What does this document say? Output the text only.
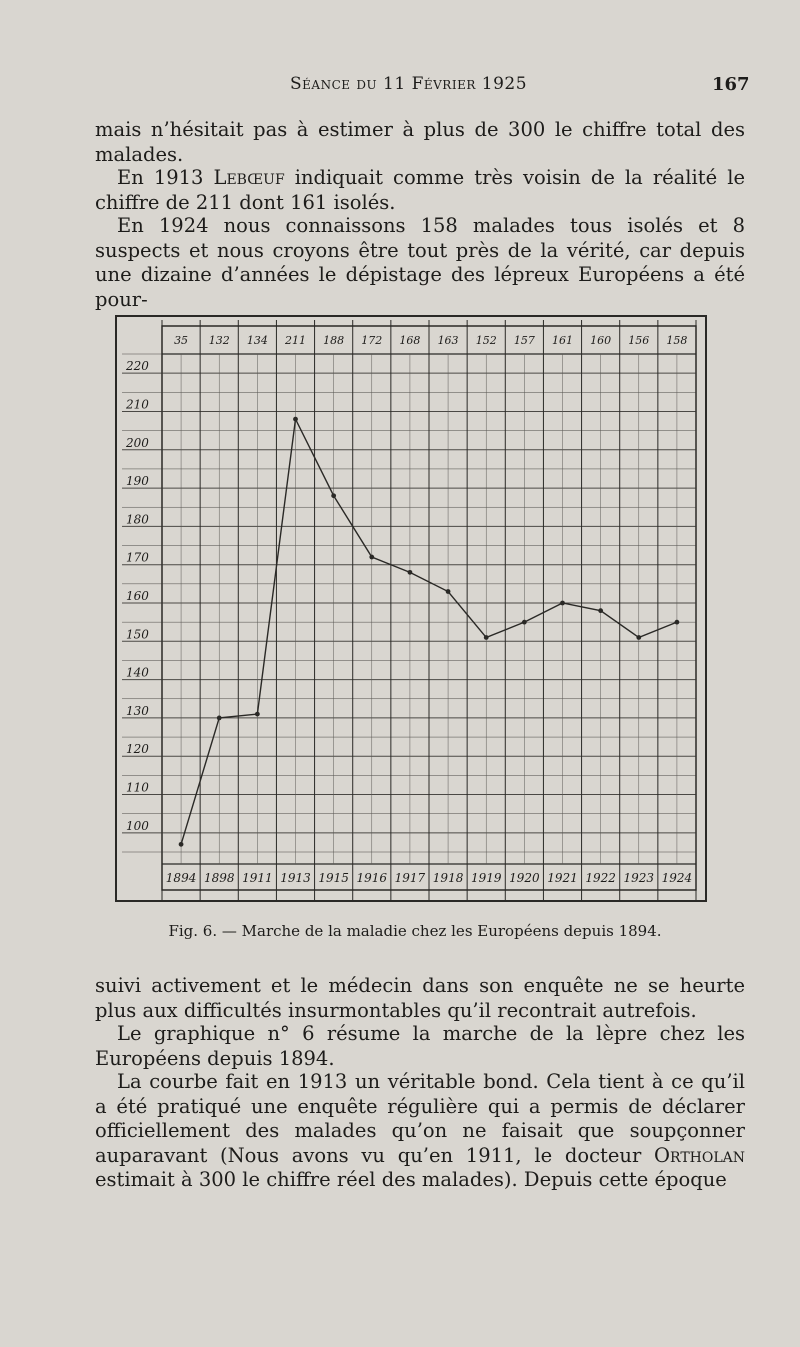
Séance du 11 Février 1925	167

mais n’hésitait pas à estimer à plus de 300 le chiffre total des malades.

En 1913 Lebœuf indiquait comme très voisin de la réalité le chiffre de 211 dont 161 isolés.

En 1924 nous connaissons 158 malades tous isolés et 8 suspects et nous croyons être tout près de la vérité, car depuis une dizaine d’années le dépistage des lépreux Européens a été pour-

220
210
200
190
180
170
160
150
140
130
120
110
100
1894 1898 1911 1913 1915 1916 1917 1918 1919 1920 1921 1922 1923 1924
35 132 134 211 188 172 168 163 152 157 161 160 156 158
Fig. 6. — Marche de la maladie chez les Européens depuis 1894.

suivi activement et le médecin dans son enquête ne se heurte plus aux difficultés insurmontables qu’il recontrait autrefois.

Le graphique n° 6 résume la marche de la lèpre chez les Européens depuis 1894.

La courbe fait en 1913 un véritable bond. Cela tient à ce qu’il a été pratiqué une enquête régulière qui a permis de déclarer officiellement des malades qu’on ne faisait que soupçonner auparavant (Nous avons vu qu’en 1911, le docteur Ortholan estimait à 300 le chiffre réel des malades). Depuis cette époque
